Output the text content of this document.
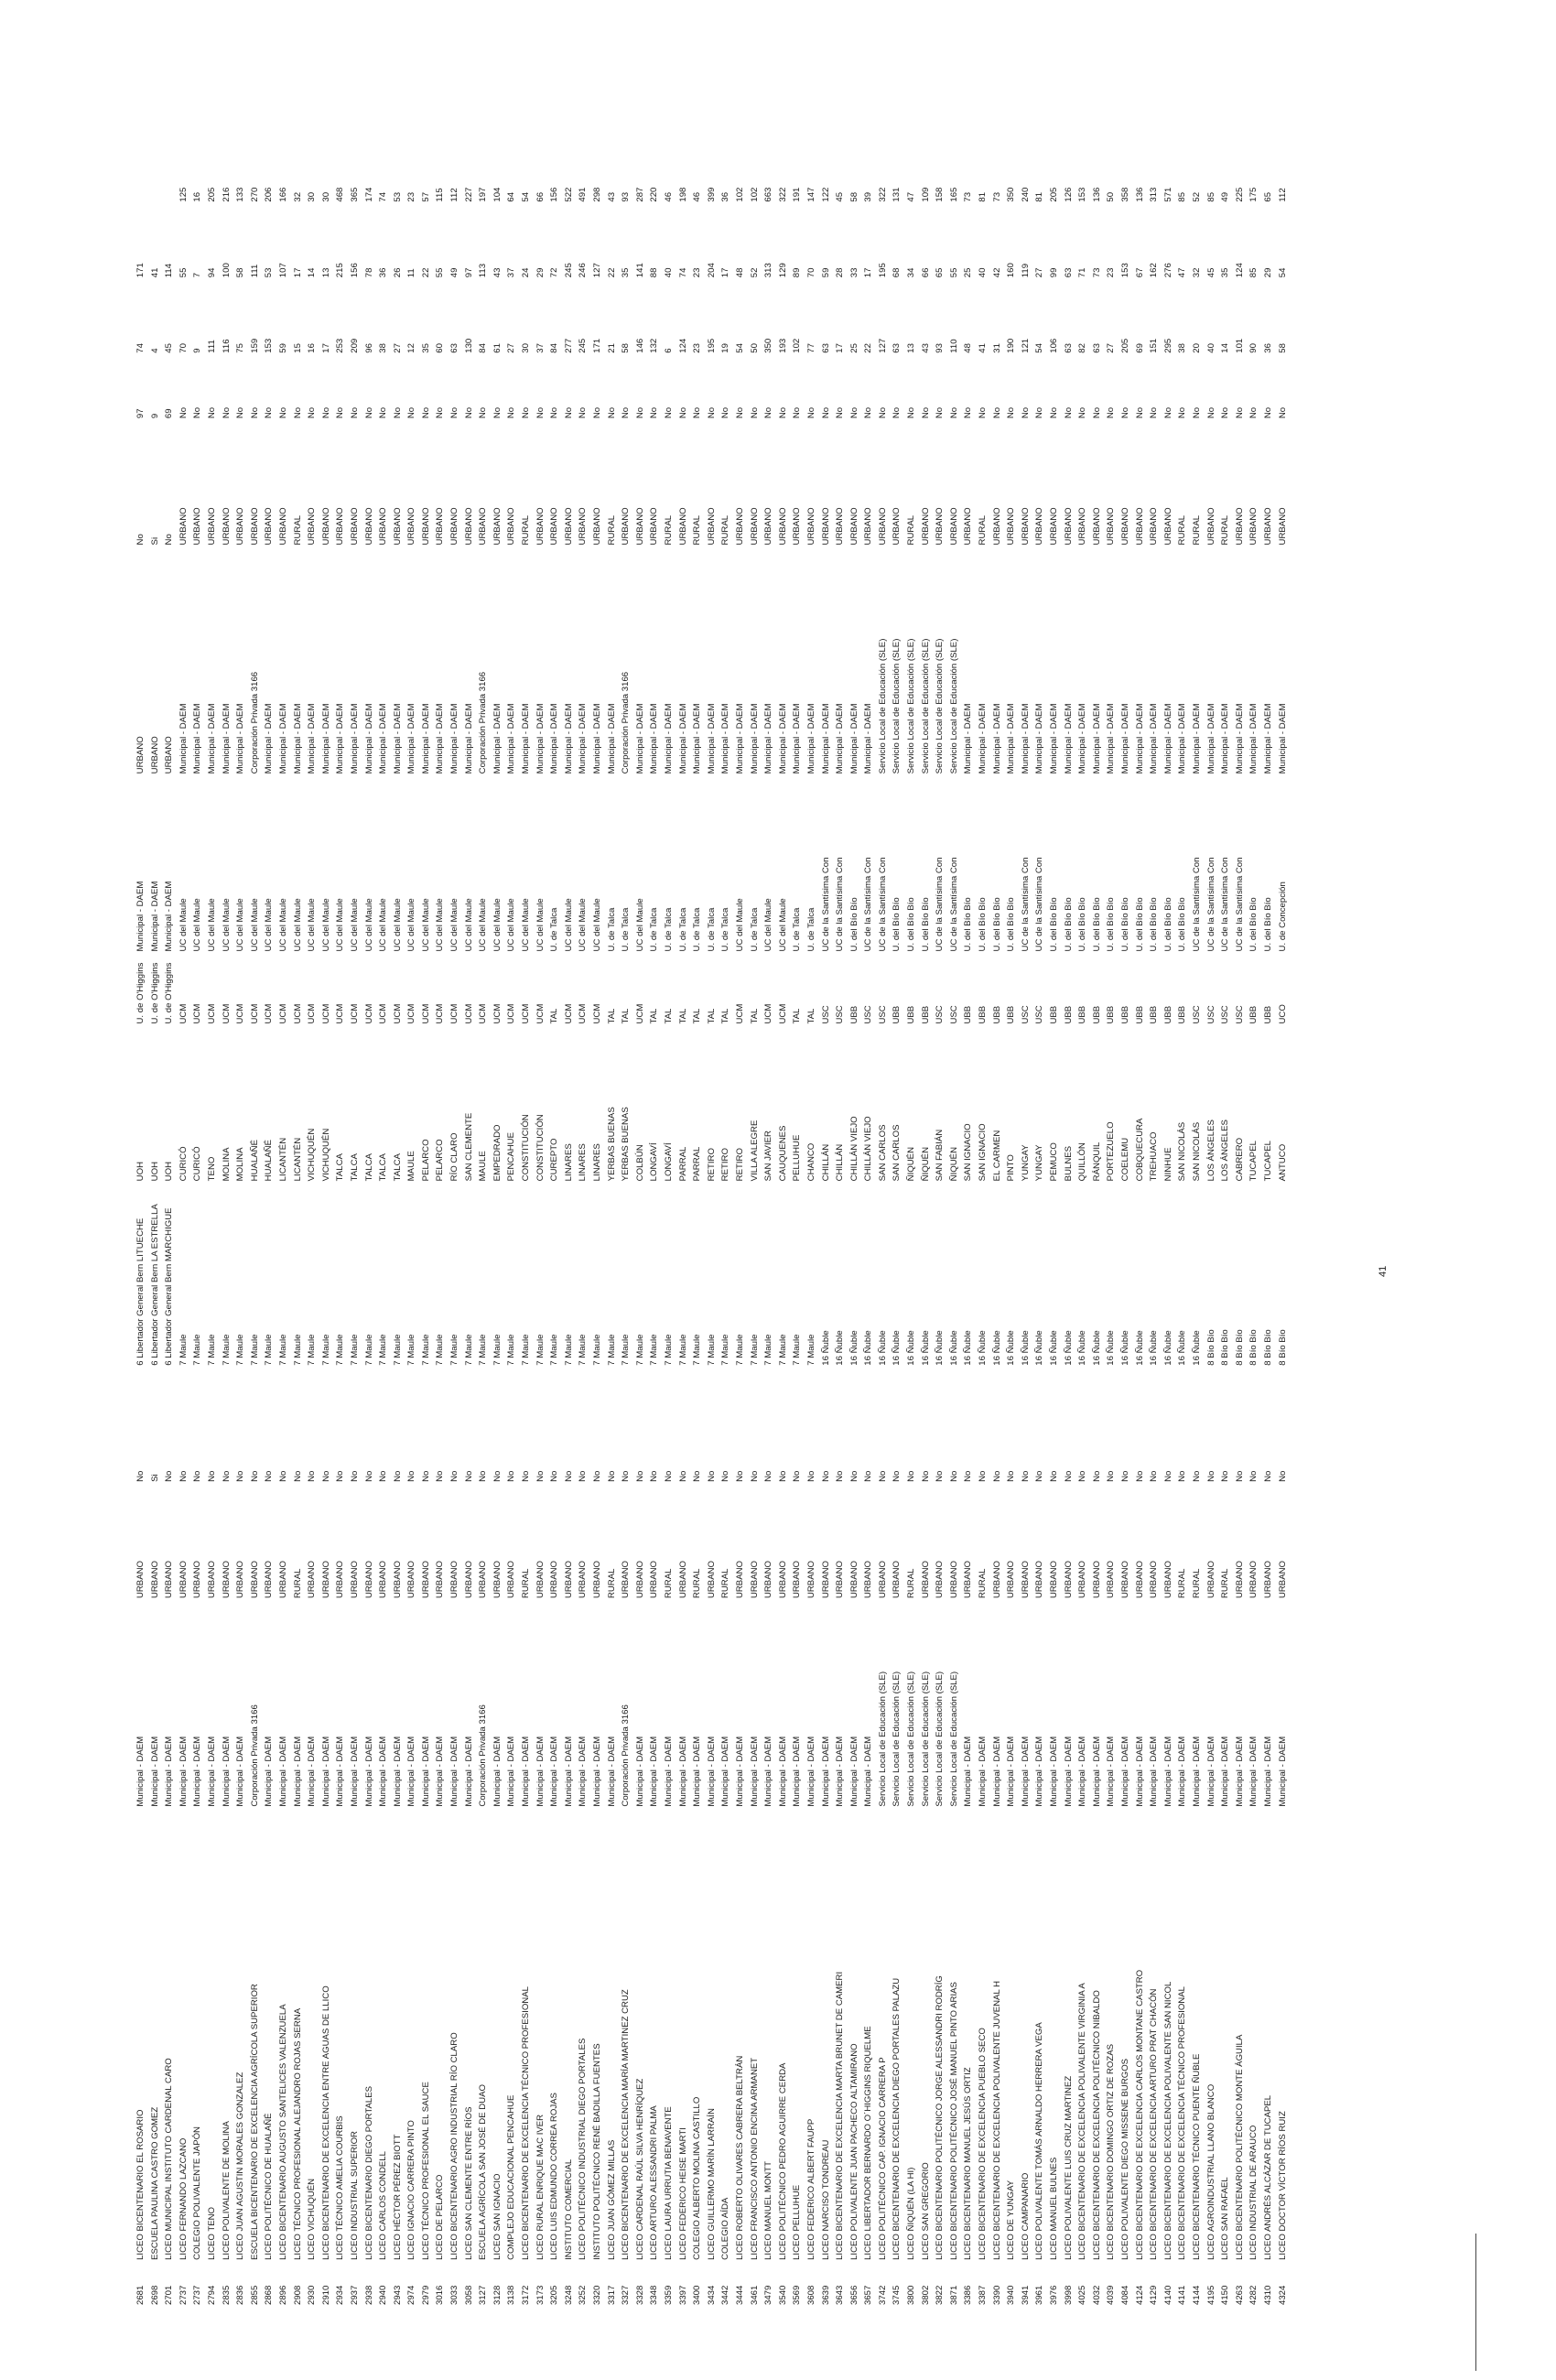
2681	LICEO BICENTENARIO EL ROSARIO	Municipal - DAEM	URBANO	No	6 Libertador General Bern LITUECHE	UOH	U. de O'Higgins	Municipal - DAEM	URBANO	No	97	74	171	
2698	ESCUELA PAULINA CASTRO GOMEZ	Municipal - DAEM	URBANO	Si	6 Libertador General Bern LA ESTRELLA	UOH	U. de O'Higgins	Municipal - DAEM	URBANO	Si	9	4	41	
2701	LICEO MUNICIPAL INSTITUTO CARDENAL CARO	Municipal - DAEM	URBANO	No	6 Libertador General Bern MARCHIGUE	UOH	U. de O'Higgins	Municipal - DAEM	URBANO	No	69	45	114	
2737	LICEO FERNANDO LAZCANO	Municipal - DAEM	URBANO	No	7 Maule	CURICÓ	UCM	UC del Maule	Municipal - DAEM	URBANO	No	70	55	125
2737	COLEGIO POLIVALENTE JAPÓN	Municipal - DAEM	URBANO	No	7 Maule	CURICÓ	UCM	UC del Maule	Municipal - DAEM	URBANO	No	9	7	16
2794	LICEO TENO	Municipal - DAEM	URBANO	No	7 Maule	TENO	UCM	UC del Maule	Municipal - DAEM	URBANO	No	111	94	205
2835	LICEO POLIVALENTE DE MOLINA	Municipal - DAEM	URBANO	No	7 Maule	MOLINA	UCM	UC del Maule	Municipal - DAEM	URBANO	No	116	100	216
2836	LICEO JUAN AGUSTIN MORALES GONZALEZ	Municipal - DAEM	URBANO	No	7 Maule	MOLINA	UCM	UC del Maule	Municipal - DAEM	URBANO	No	75	58	133
2855	ESCUELA BICENTENARIO DE EXCELENCIA AGRÍCOLA SUPERIOR	Corporación Privada 3166	URBANO	No	7 Maule	HUALAÑÉ	UCM	UC del Maule	Corporación Privada 3166	URBANO	No	159	111	270
2868	LICEO POLITÉCNICO DE HUALAÑÉ	Municipal - DAEM	URBANO	No	7 Maule	HUALAÑÉ	UCM	UC del Maule	Municipal - DAEM	URBANO	No	153	53	206
2896	LICEO BICENTENARIO AUGUSTO SANTELICES VALENZUELA	Municipal - DAEM	URBANO	No	7 Maule	LICANTÉN	UCM	UC del Maule	Municipal - DAEM	URBANO	No	59	107	166
2908	LICEO TÉCNICO PROFESIONAL ALEJANDRO ROJAS SERNA	Municipal - DAEM	RURAL	No	7 Maule	LICANTÉN	UCM	UC del Maule	Municipal - DAEM	RURAL	No	15	17	32
2930	LICEO VICHUQUÉN	Municipal - DAEM	URBANO	No	7 Maule	VICHUQUÉN	UCM	UC del Maule	Municipal - DAEM	URBANO	No	16	14	30
2910	LICEO BICENTENARIO DE EXCELENCIA ENTRE AGUAS DE LLICO	Municipal - DAEM	URBANO	No	7 Maule	VICHUQUÉN	UCM	UC del Maule	Municipal - DAEM	URBANO	No	17	13	30
2934	LICEO TÉCNICO AMELIA COURBIS	Municipal - DAEM	URBANO	No	7 Maule	TALCA	UCM	UC del Maule	Municipal - DAEM	URBANO	No	253	215	468
2937	LICEO INDUSTRIAL SUPERIOR	Municipal - DAEM	URBANO	No	7 Maule	TALCA	UCM	UC del Maule	Municipal - DAEM	URBANO	No	209	156	365
2938	LICEO BICENTENARIO DIEGO PORTALES	Municipal - DAEM	URBANO	No	7 Maule	TALCA	UCM	UC del Maule	Municipal - DAEM	URBANO	No	96	78	174
2940	LICEO CARLOS CONDELL	Municipal - DAEM	URBANO	No	7 Maule	TALCA	UCM	UC del Maule	Municipal - DAEM	URBANO	No	38	36	74
2943	LICEO HÉCTOR PÉREZ BIOTT	Municipal - DAEM	URBANO	No	7 Maule	TALCA	UCM	UC del Maule	Municipal - DAEM	URBANO	No	27	26	53
2974	LICEO IGNACIO CARRERA PINTO	Municipal - DAEM	URBANO	No	7 Maule	MAULE	UCM	UC del Maule	Municipal - DAEM	URBANO	No	12	11	23
2979	LICEO TÉCNICO PROFESIONAL EL SAUCE	Municipal - DAEM	URBANO	No	7 Maule	PELARCO	UCM	UC del Maule	Municipal - DAEM	URBANO	No	35	22	57
3016	LICEO DE PELARCO	Municipal - DAEM	URBANO	No	7 Maule	PELARCO	UCM	UC del Maule	Municipal - DAEM	URBANO	No	60	55	115
3033	LICEO BICENTENARIO AGRO INDUSTRIAL RÍO CLARO	Municipal - DAEM	URBANO	No	7 Maule	RÍO CLARO	UCM	UC del Maule	Municipal - DAEM	URBANO	No	63	49	112
3058	LICEO SAN CLEMENTE ENTRE RÍOS	Municipal - DAEM	URBANO	No	7 Maule	SAN CLEMENTE	UCM	UC del Maule	Municipal - DAEM	URBANO	No	130	97	227
3127	ESCUELA AGRÍCOLA SAN JOSÉ DE DUAO	Corporación Privada 3166	URBANO	No	7 Maule	MAULE	UCM	UC del Maule	Corporación Privada 3166	URBANO	No	84	113	197
3128	LICEO SAN IGNACIO	Municipal - DAEM	URBANO	No	7 Maule	EMPEDRADO	UCM	UC del Maule	Municipal - DAEM	URBANO	No	61	43	104
3138	COMPLEJO EDUCACIONAL PENCAHUE	Municipal - DAEM	URBANO	No	7 Maule	PENCAHUE	UCM	UC del Maule	Municipal - DAEM	URBANO	No	27	37	64
3172	LICEO BICENTENARIO DE EXCELENCIA TÉCNICO PROFESIONAL	Municipal - DAEM	RURAL	No	7 Maule	CONSTITUCIÓN	UCM	UC del Maule	Municipal - DAEM	RURAL	No	30	24	54
3173	LICEO RURAL ENRIQUE MAC IVER	Municipal - DAEM	URBANO	No	7 Maule	CONSTITUCIÓN	UCM	UC del Maule	Municipal - DAEM	URBANO	No	37	29	66
3205	LICEO LUIS EDMUNDO CORREA ROJAS	Municipal - DAEM	URBANO	No	7 Maule	CUREPTO	TAL	U. de Talca	Municipal - DAEM	URBANO	No	84	72	156
3248	INSTITUTO COMERCIAL	Municipal - DAEM	URBANO	No	7 Maule	LINARES	UCM	UC del Maule	Municipal - DAEM	URBANO	No	277	245	522
3252	LICEO POLITÉCNICO INDUSTRIAL DIEGO PORTALES	Municipal - DAEM	URBANO	No	7 Maule	LINARES	UCM	UC del Maule	Municipal - DAEM	URBANO	No	245	246	491
3320	INSTITUTO POLITÉCNICO RENÉ BADILLA FUENTES	Municipal - DAEM	URBANO	No	7 Maule	LINARES	UCM	UC del Maule	Municipal - DAEM	URBANO	No	171	127	298
3317	LICEO JUAN GÓMEZ MILLAS	Municipal - DAEM	RURAL	No	7 Maule	YERBAS BUENAS	TAL	U. de Talca	Municipal - DAEM	RURAL	No	21	22	43
3327	LICEO BICENTENARIO DE EXCELENCIA MARÍA MARTINEZ CRUZ	Corporación Privada 3166	URBANO	No	7 Maule	YERBAS BUENAS	TAL	U. de Talca	Corporación Privada 3166	URBANO	No	58	35	93
3328	LICEO CARDENAL RAÚL SILVA HENRÍQUEZ	Municipal - DAEM	URBANO	No	7 Maule	COLBÚN	UCM	UC del Maule	Municipal - DAEM	URBANO	No	146	141	287
3348	LICEO ARTURO ALESSANDRI PALMA	Municipal - DAEM	URBANO	No	7 Maule	LONGAVÍ	TAL	U. de Talca	Municipal - DAEM	URBANO	No	132	88	220
3359	LICEO LAURA URRUTIA BENAVENTE	Municipal - DAEM	RURAL	No	7 Maule	LONGAVÍ	TAL	U. de Talca	Municipal - DAEM	RURAL	No	6	40	46
3397	LICEO FEDERICO HEISE MARTI	Municipal - DAEM	URBANO	No	7 Maule	PARRAL	TAL	U. de Talca	Municipal - DAEM	URBANO	No	124	74	198
3400	COLEGIO ALBERTO MOLINA CASTILLO	Municipal - DAEM	RURAL	No	7 Maule	PARRAL	TAL	U. de Talca	Municipal - DAEM	RURAL	No	23	23	46
3434	LICEO GUILLERMO MARÍN LARRAÍN	Municipal - DAEM	URBANO	No	7 Maule	RETIRO	TAL	U. de Talca	Municipal - DAEM	URBANO	No	195	204	399
3442	COLEGIO AÍDA	Municipal - DAEM	RURAL	No	7 Maule	RETIRO	TAL	U. de Talca	Municipal - DAEM	RURAL	No	19	17	36
3444	LICEO ROBERTO OLIVARES CABRERA BELTRÁN	Municipal - DAEM	URBANO	No	7 Maule	RETIRO	UCM	UC del Maule	Municipal - DAEM	URBANO	No	54	48	102
3461	LICEO FRANCISCO ANTONIO ENCINA ARMANET	Municipal - DAEM	URBANO	No	7 Maule	VILLA ALEGRE	TAL	U. de Talca	Municipal - DAEM	URBANO	No	50	52	102
3479	LICEO MANUEL MONTT	Municipal - DAEM	URBANO	No	7 Maule	SAN JAVIER	UCM	UC del Maule	Municipal - DAEM	URBANO	No	350	313	663
3540	LICEO POLITÉCNICO PEDRO AGUIRRE CERDA	Municipal - DAEM	URBANO	No	7 Maule	CAUQUENES	UCM	UC del Maule	Municipal - DAEM	URBANO	No	193	129	322
3569	LICEO PELLUHUE	Municipal - DAEM	URBANO	No	7 Maule	PELLUHUE	TAL	U. de Talca	Municipal - DAEM	URBANO	No	102	89	191
3608	LICEO FEDERICO ALBERT FAUPP	Municipal - DAEM	URBANO	No	7 Maule	CHANCO	TAL	U. de Talca	Municipal - DAEM	URBANO	No	77	70	147
3639	LICEO NARCISO TONDREAU	Municipal - DAEM	URBANO	No	16 Ñuble	CHILLÁN	USC	UC de la Santísima Con	Municipal - DAEM	URBANO	No	63	59	122
3643	LICEO BICENTENARIO DE EXCELENCIA MARTA BRUNET DE CAMERI	Municipal - DAEM	URBANO	No	16 Ñuble	CHILLÁN	USC	UC de la Santísima Con	Municipal - DAEM	URBANO	No	17	28	45
3656	LICEO POLIVALENTE JUAN PACHECO ALTAMIRANO	Municipal - DAEM	URBANO	No	16 Ñuble	CHILLÁN VIEJO	UBB	U. del Bío Bío	Municipal - DAEM	URBANO	No	25	33	58
3657	LICEO LIBERTADOR BERNARDO O´HIGGINS RIQUELME	Municipal - DAEM	URBANO	No	16 Ñuble	CHILLÁN VIEJO	USC	UC de la Santísima Con	Municipal - DAEM	URBANO	No	22	17	39
3742	LICEO POLITÉCNICO CAP. IGNACIO CARRERA P	Servicio Local de Educación (SLE)	URBANO	No	16 Ñuble	SAN CARLOS	USC	UC de la Santísima Con	Servicio Local de Educación (SLE)	URBANO	No	127	195	322
3745	LICEO BICENTENARIO DE EXCELENCIA DIEGO PORTALES PALAZU	Servicio Local de Educación (SLE)	URBANO	No	16 Ñuble	SAN CARLOS	UBB	U. del Bío Bío	Servicio Local de Educación (SLE)	URBANO	No	63	68	131
3800	LICEO ÑIQUÉN (LA HI)	Servicio Local de Educación (SLE)	RURAL	No	16 Ñuble	ÑIQUÉN	UBB	U. del Bío Bío	Servicio Local de Educación (SLE)	RURAL	No	13	34	47
3802	LICEO SAN GREGORIO	Servicio Local de Educación (SLE)	URBANO	No	16 Ñuble	ÑIQUÉN	UBB	U. del Bío Bío	Servicio Local de Educación (SLE)	URBANO	No	43	66	109
3822	LICEO BICENTENARIO POLITÉCNICO JORGE ALESSANDRI RODRÍG	Servicio Local de Educación (SLE)	URBANO	No	16 Ñuble	SAN FABIÁN	USC	UC de la Santísima Con	Servicio Local de Educación (SLE)	URBANO	No	93	65	158
3871	LICEO BICENTENARIO POLITÉCNICO JOSÉ MANUEL PINTO ARIAS	Servicio Local de Educación (SLE)	URBANO	No	16 Ñuble	ÑIQUÉN	USC	UC de la Santísima Con	Servicio Local de Educación (SLE)	URBANO	No	110	55	165
3386	LICEO BICENTENARIO MANUEL JESÚS ORTIZ	Municipal - DAEM	URBANO	No	16 Ñuble	SAN IGNACIO	UBB	U. del Bío Bío	Municipal - DAEM	URBANO	No	48	25	73
3387	LICEO BICENTENARIO DE EXCELENCIA PUEBLO SECO	Municipal - DAEM	RURAL	No	16 Ñuble	SAN IGNACIO	UBB	U. del Bío Bío	Municipal - DAEM	RURAL	No	41	40	81
3390	LICEO BICENTENARIO DE EXCELENCIA POLIVALENTE JUVENAL H	Municipal - DAEM	URBANO	No	16 Ñuble	EL CARMEN	UBB	U. del Bío Bío	Municipal - DAEM	URBANO	No	31	42	73
3940	LICEO DE YUNGAY	Municipal - DAEM	URBANO	No	16 Ñuble	PINTO	UBB	U. del Bío Bío	Municipal - DAEM	URBANO	No	190	160	350
3941	LICEO CAMPANARIO	Municipal - DAEM	URBANO	No	16 Ñuble	YUNGAY	USC	UC de la Santísima Con	Municipal - DAEM	URBANO	No	121	119	240
3961	LICEO POLIVALENTE TOMÁS ARNALDO HERRERA VEGA	Municipal - DAEM	URBANO	No	16 Ñuble	YUNGAY	USC	UC de la Santísima Con	Municipal - DAEM	URBANO	No	54	27	81
3976	LICEO MANUEL BULNES	Municipal - DAEM	URBANO	No	16 Ñuble	PEMUCO	UBB	U. del Bío Bío	Municipal - DAEM	URBANO	No	106	99	205
3998	LICEO POLIVALENTE LUIS CRUZ MARTINEZ	Municipal - DAEM	URBANO	No	16 Ñuble	BULNES	UBB	U. del Bío Bío	Municipal - DAEM	URBANO	No	63	63	126
4025	LICEO BICENTENARIO DE EXCELENCIA POLIVALENTE VIRGINIA A	Municipal - DAEM	URBANO	No	16 Ñuble	QUILLÓN	UBB	U. del Bío Bío	Municipal - DAEM	URBANO	No	82	71	153
4032	LICEO BICENTENARIO DE EXCELENCIA POLITÉCNICO NIBALDO	Municipal - DAEM	URBANO	No	16 Ñuble	RÁNQUIL	UBB	U. del Bío Bío	Municipal - DAEM	URBANO	No	63	73	136
4039	LICEO BICENTENARIO DOMINGO ORTIZ DE ROZAS	Municipal - DAEM	URBANO	No	16 Ñuble	PORTEZUELO	UBB	U. del Bío Bío	Municipal - DAEM	URBANO	No	27	23	50
4084	LICEO POLIVALENTE DIEGO MISSENE BURGOS	Municipal - DAEM	URBANO	No	16 Ñuble	COELEMU	UBB	U. del Bío Bío	Municipal - DAEM	URBANO	No	205	153	358
4124	LICEO BICENTENARIO DE EXCELENCIA CARLOS MONTANE CASTRO	Municipal - DAEM	URBANO	No	16 Ñuble	COBQUECURA	UBB	U. del Bío Bío	Municipal - DAEM	URBANO	No	69	67	136
4129	LICEO BICENTENARIO DE EXCELENCIA ARTURO PRAT CHACÓN	Municipal - DAEM	URBANO	No	16 Ñuble	TREHUACO	UBB	U. del Bío Bío	Municipal - DAEM	URBANO	No	151	162	313
4140	LICEO BICENTENARIO DE EXCELENCIA POLIVALENTE SAN NICOL	Municipal - DAEM	URBANO	No	16 Ñuble	NINHUE	UBB	U. del Bío Bío	Municipal - DAEM	URBANO	No	295	276	571
4141	LICEO BICENTENARIO DE EXCELENCIA TÉCNICO PROFESIONAL	Municipal - DAEM	RURAL	No	16 Ñuble	SAN NICOLÁS	UBB	U. del Bío Bío	Municipal - DAEM	RURAL	No	38	47	85
4144	LICEO BICENTENARIO TÉCNICO PUENTE ÑUBLE	Municipal - DAEM	RURAL	No	16 Ñuble	SAN NICOLÁS	USC	UC de la Santísima Con	Municipal - DAEM	RURAL	No	20	32	52
4195	LICEO AGROINDUSTRIAL LLANO BLANCO	Municipal - DAEM	URBANO	No	8 Bío Bío	LOS ÁNGELES	USC	UC de la Santísima Con	Municipal - DAEM	URBANO	No	40	45	85
4150	LICEO SAN RAFAEL	Municipal - DAEM	RURAL	No	8 Bío Bío	LOS ÁNGELES	USC	UC de la Santísima Con	Municipal - DAEM	RURAL	No	14	35	49
4263	LICEO BICENTENARIO POLITÉCNICO MONTE ÁGUILA	Municipal - DAEM	URBANO	No	8 Bío Bío	CABRERO	USC	UC de la Santísima Con	Municipal - DAEM	URBANO	No	101	124	225
4282	LICEO INDUSTRIAL DE ARAUCO	Municipal - DAEM	URBANO	No	8 Bío Bío	TUCAPEL	UBB	U. del Bío Bío	Municipal - DAEM	URBANO	No	90	85	175
4310	LICEO ANDRÉS ALCÁZAR DE TUCAPEL	Municipal - DAEM	URBANO	No	8 Bío Bío	TUCAPEL	UBB	U. del Bío Bío	Municipal - DAEM	URBANO	No	36	29	65
4324	LICEO DOCTOR VÍCTOR RÍOS RUIZ	Municipal - DAEM	URBANO	No	8 Bío Bío	ANTUCO	UCO	U. de Concepción	Municipal - DAEM	URBANO	No	58	54	112
41
